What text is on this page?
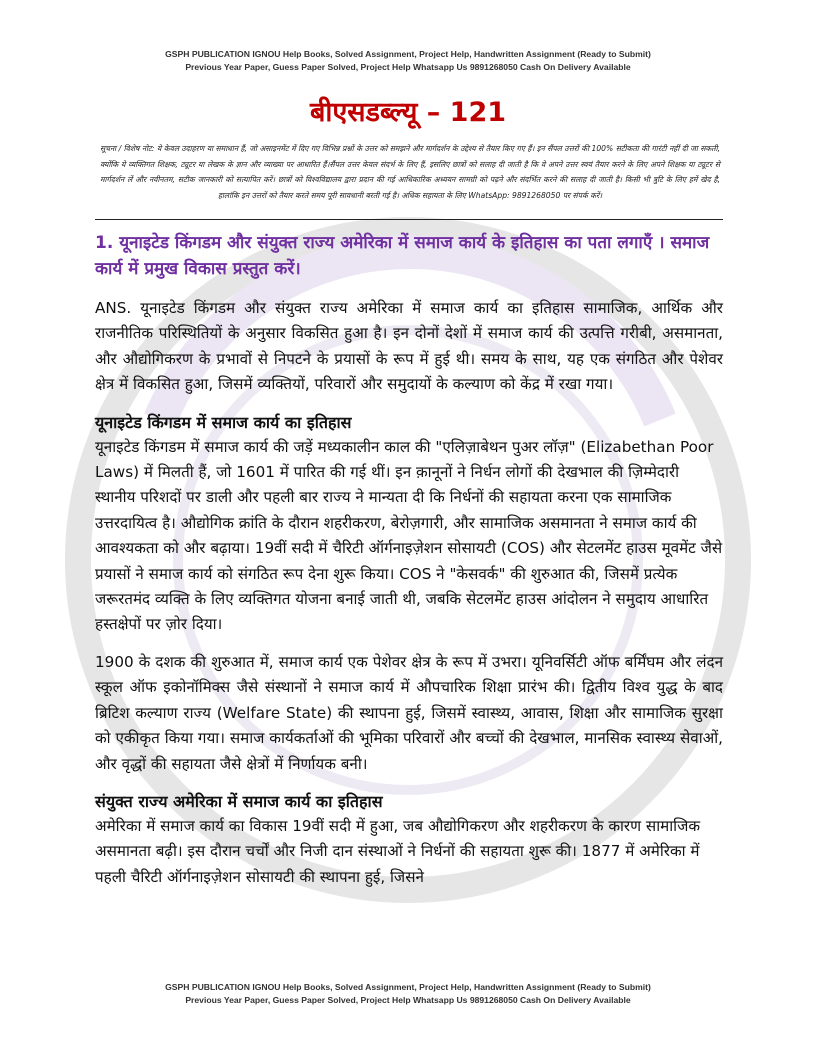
GSPH PUBLICATION IGNOU Help Books, Solved Assignment, Project Help, Handwritten Assignment (Ready to Submit)
Previous Year Paper, Guess Paper Solved, Project Help Whatsapp Us 9891268050 Cash On Delivery Available
बीएसडब्ल्यू – 121
सूचना / विशेष नोट: ये केवल उदाहरण या समाधान हैं, जो असाइनमेंट में दिए गए विभिन्न प्रश्नों के उत्तर को समझने और मार्गदर्शन के उद्देश्य से तैयार किए गए हैं। इन सैंपल उत्तरों की 100% सटीकता की गारंटी नहीं दी जा सकती, क्योंकि ये व्यक्तिगत शिक्षक, ट्यूटर या लेखक के ज्ञान और व्याख्या पर आधारित हैं।सैंपल उत्तर केवल संदर्भ के लिए हैं, इसलिए छात्रों को सलाह दी जाती है कि वे अपने उत्तर स्वयं तैयार करने के लिए अपने शिक्षक या ट्यूटर से मार्गदर्शन लें और नवीनतम, सटीक जानकारी को सत्यापित करें। छात्रों को विश्वविद्यालय द्वारा प्रदान की गई आधिकारिक अध्ययन सामग्री को पढ़ने और संदर्भित करने की सलाह दी जाती है। किसी भी त्रुटि के लिए हमें खेद है, हालांकि इन उत्तरों को तैयार करते समय पूरी सावधानी बरती गई है। अधिक सहायता के लिए WhatsApp: 9891268050 पर संपर्क करें।
1. यूनाइटेड किंगडम और संयुक्त राज्य अमेरिका में समाज कार्य के इतिहास का पता लगाएँ । समाज कार्य में प्रमुख विकास प्रस्तुत करें।

ANS. यूनाइटेड किंगडम और संयुक्त राज्य अमेरिका में समाज कार्य का इतिहास सामाजिक, आर्थिक और राजनीतिक परिस्थितियों के अनुसार विकसित हुआ है। इन दोनों देशों में समाज कार्य की उत्पत्ति गरीबी, असमानता, और औद्योगिकरण के प्रभावों से निपटने के प्रयासों के रूप में हुई थी। समय के साथ, यह एक संगठित और पेशेवर क्षेत्र में विकसित हुआ, जिसमें व्यक्तियों, परिवारों और समुदायों के कल्याण को केंद्र में रखा गया।

यूनाइटेड किंगडम में समाज कार्य का इतिहास

यूनाइटेड किंगडम में समाज कार्य की जड़ें मध्यकालीन काल की "एलिज़ाबेथन पुअर लॉज़" (Elizabethan Poor Laws) में मिलती हैं, जो 1601 में पारित की गई थीं। इन क़ानूनों ने निर्धन लोगों की देखभाल की ज़िम्मेदारी स्थानीय परिशदों पर डाली और पहली बार राज्य ने मान्यता दी कि निर्धनों की सहायता करना एक सामाजिक उत्तरदायित्व है। औद्योगिक क्रांति के दौरान शहरीकरण, बेरोज़गारी, और सामाजिक असमानता ने समाज कार्य की आवश्यकता को और बढ़ाया। 19वीं सदी में चैरिटी ऑर्गनाइज़ेशन सोसायटी (COS) और सेटलमेंट हाउस मूवमेंट जैसे प्रयासों ने समाज कार्य को संगठित रूप देना शुरू किया। COS ने "केसवर्क" की शुरुआत की, जिसमें प्रत्येक जरूरतमंद व्यक्ति के लिए व्यक्तिगत योजना बनाई जाती थी, जबकि सेटलमेंट हाउस आंदोलन ने समुदाय आधारित हस्तक्षेपों पर ज़ोर दिया।

1900 के दशक की शुरुआत में, समाज कार्य एक पेशेवर क्षेत्र के रूप में उभरा। यूनिवर्सिटी ऑफ बर्मिंघम और लंदन स्कूल ऑफ इकोनॉमिक्स जैसे संस्थानों ने समाज कार्य में औपचारिक शिक्षा प्रारंभ की। द्वितीय विश्व युद्ध के बाद ब्रिटिश कल्याण राज्य (Welfare State) की स्थापना हुई, जिसमें स्वास्थ्य, आवास, शिक्षा और सामाजिक सुरक्षा को एकीकृत किया गया। समाज कार्यकर्ताओं की भूमिका परिवारों और बच्चों की देखभाल, मानसिक स्वास्थ्य सेवाओं, और वृद्धों की सहायता जैसे क्षेत्रों में निर्णायक बनी।

संयुक्त राज्य अमेरिका में समाज कार्य का इतिहास

अमेरिका में समाज कार्य का विकास 19वीं सदी में हुआ, जब औद्योगिकरण और शहरीकरण के कारण सामाजिक असमानता बढ़ी। इस दौरान चर्चों और निजी दान संस्थाओं ने निर्धनों की सहायता शुरू की। 1877 में अमेरिका में पहली चैरिटी ऑर्गनाइज़ेशन सोसायटी की स्थापना हुई, जिसने

GSPH PUBLICATION IGNOU Help Books, Solved Assignment, Project Help, Handwritten Assignment (Ready to Submit)
Previous Year Paper, Guess Paper Solved, Project Help Whatsapp Us 9891268050 Cash On Delivery Available
